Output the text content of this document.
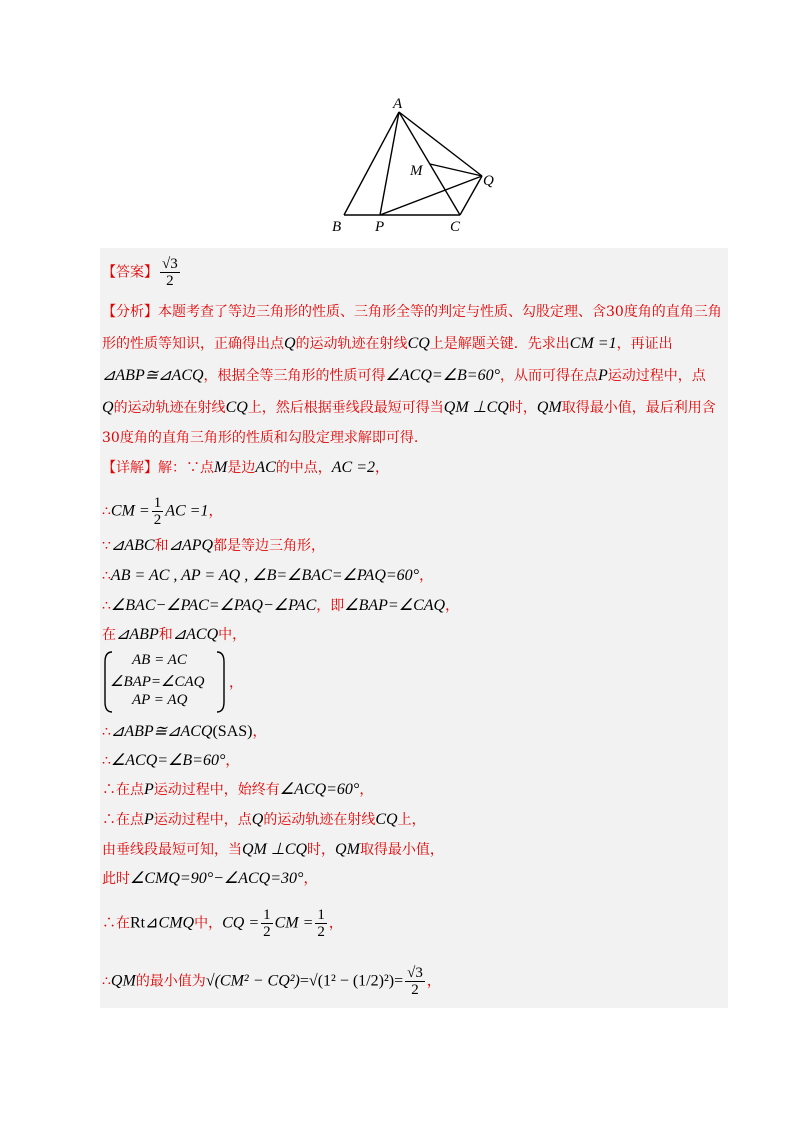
A
B P	C
M
Q
【答案】 $\frac{√3}{2}$
【分析】本题考查了等边三角形的性质、三角形全等的判定与性质、勾股定理、含30度角的直角三角
形的性质等知识，正确得出点Q的运动轨迹在射线CQ上是解题关键．先求出CM =1，再证出
⊿ABP≅⊿ACQ，根据全等三角形的性质可得∠ACQ=∠B=60°，从而可得在点P运动过程中，点
Q的运动轨迹在射线CQ上，然后根据垂线段最短可得当QM ⊥CQ时，QM取得最小值，最后利用含
30度角的直角三角形的性质和勾股定理求解即可得.
【详解】解：∵点M是边AC的中点，AC =2，
∴CM = $\frac{1}{2}$ AC =1，
∵⊿ABC和⊿APQ都是等边三角形，
∴AB = AC , AP = AQ , ∠B=∠BAC=∠PAQ=60°，
∴∠BAC−∠PAC=∠PAQ−∠PAC，即∠BAP=∠CAQ，
在⊿ABP和⊿ACQ中，
AB = AC
∠BAP=∠CAQ
AP = AQ
，
∴⊿ABP≅⊿ACQ(SAS)，
∴∠ACQ=∠B=60°，
∴在点P运动过程中，始终有∠ACQ=60°，
∴在点P运动过程中，点Q的运动轨迹在射线CQ上，
由垂线段最短可知，当QM ⊥CQ时，QM取得最小值，
此时∠CMQ=90°−∠ACQ=30°，
∴在Rt⊿CMQ中，CQ = $\frac{1}{2}$ CM = $\frac{1}{2}$ ，
∴QM的最小值为$√(CM^2 - CQ^2)=√(1^2 - (1/2)^2)= \frac{√3}{2}$ ，
